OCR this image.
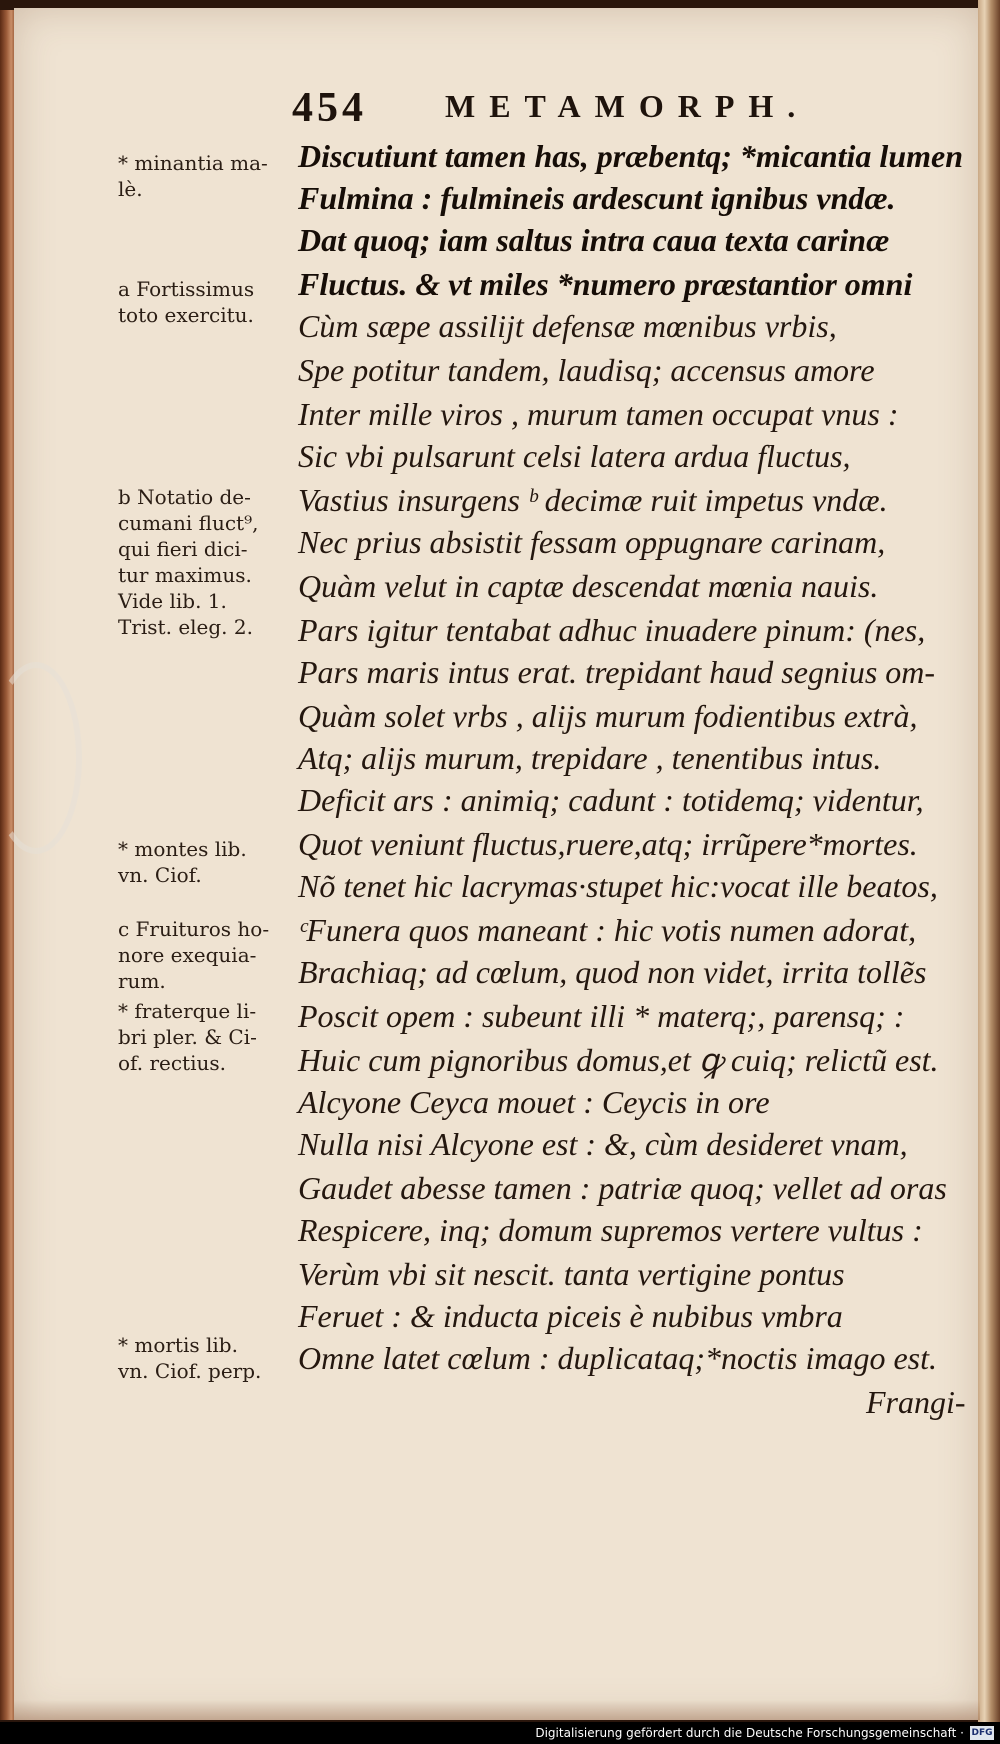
454 METAMORPH.
Discutiunt tamen has, præbentq; *micantia lumen
Fulmina : fulmineis ardescunt ignibus vndæ.
Dat quoq; iam saltus intra caua texta carinæ
Fluctus. & vt miles *numero præstantior omni
Cùm sæpe assilijt defensæ mœnibus vrbis,
Spe potitur tandem, laudisq; accensus amore
Inter mille viros , murum tamen occupat vnus :
Sic vbi pulsarunt celsi latera ardua fluctus,
Vastius insurgens ᵇ decimæ ruit impetus vndæ.
Nec prius absistit fessam oppugnare carinam,
Quàm velut in captæ descendat mœnia nauis.
Pars igitur tentabat adhuc inuadere pinum: (nes,
Pars maris intus erat. trepidant haud segnius om-
Quàm solet vrbs , alijs murum fodientibus extrà,
Atq; alijs murum, trepidare , tenentibus intus.
Deficit ars : animiq; cadunt : totidemq; videntur,
Quot veniunt fluctus,ruere,atq; irrũpere*mortes.
Nõ tenet hic lacrymas·stupet hic:vocat ille beatos,
ᶜFunera quos maneant : hic votis numen adorat,
Brachiaq; ad cœlum, quod non videt, irrita tollẽs
Poscit opem : subeunt illi * materq;, parensq; :
Huic cum pignoribus domus,et ꝙ cuiq; relictũ est.
Alcyone Ceyca mouet : Ceycis in ore
Nulla nisi Alcyone est : &, cùm desideret vnam,
Gaudet abesse tamen : patriæ quoq; vellet ad oras
Respicere, inq; domum supremos vertere vultus :
Verùm vbi sit nescit. tanta vertigine pontus
Feruet : & inducta piceis è nubibus vmbra
Omne latet cœlum : duplicataq;*noctis imago est.
Frangi-
* minantia ma-
lè.
a Fortissimus
toto exercitu.
b Notatio de-
cumani fluct⁹,
qui fieri dici-
tur maximus.
Vide lib. 1.
Trist. eleg. 2.
* montes lib.
vn. Ciof.
c Fruituros ho-
nore exequia-
rum.
* fraterque li-
bri pler. & Ci-
of. rectius.
* mortis lib.
vn. Ciof. perp.
Digitalisierung gefördert durch die Deutsche Forschungsgemeinschaft · DFG
